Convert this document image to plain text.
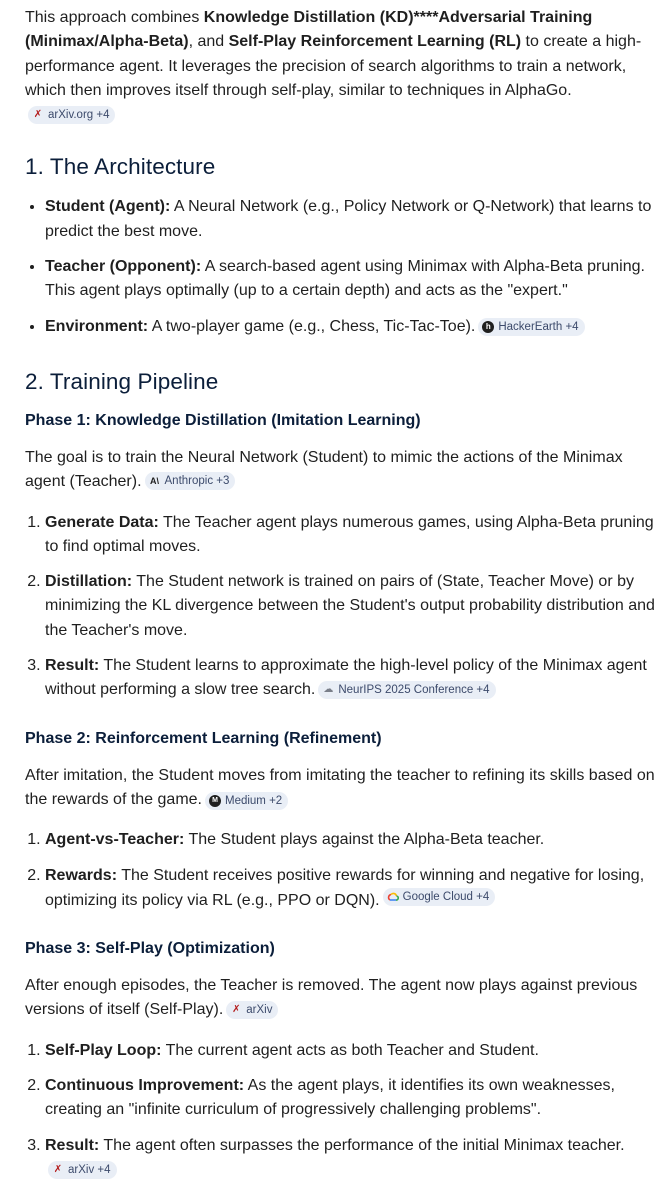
This approach combines Knowledge Distillation (KD)****Adversarial Training (Minimax/Alpha-Beta), and Self-Play Reinforcement Learning (RL) to create a high-performance agent. It leverages the precision of search algorithms to train a network, which then improves itself through self-play, similar to techniques in AlphaGo.
✗ arXiv.org +4

1. The Architecture
• Student (Agent): A Neural Network (e.g., Policy Network or Q-Network) that learns to predict the best move.
• Teacher (Opponent): A search-based agent using Minimax with Alpha-Beta pruning. This agent plays optimally (up to a certain depth) and acts as the "expert."
• Environment: A two-player game (e.g., Chess, Tic-Tac-Toe).	h HackerEarth +4
2. Training Pipeline
Phase 1: Knowledge Distillation (Imitation Learning)

The goal is to train the Neural Network (Student) to mimic the actions of the Minimax agent (Teacher). A\ Anthropic +3

1. Generate Data: The Teacher agent plays numerous games, using Alpha-Beta pruning to find optimal moves.
2. Distillation: The Student network is trained on pairs of (State, Teacher Move) or by minimizing the KL divergence between the Student's output probability distribution and the Teacher's move.
3. Result: The Student learns to approximate the high-level policy of the Minimax agent without performing a slow tree search. ☁ NeurIPS 2025 Conference +4
Phase 2: Reinforcement Learning (Refinement)

After imitation, the Student moves from imitating the teacher to refining its skills based on the rewards of the game.	M Medium +2

1. Agent-vs-Teacher: The Student plays against the Alpha-Beta teacher.
2. Rewards: The Student receives positive rewards for winning and negative for losing, optimizing its policy via RL (e.g., PPO or DQN). Google Cloud +4
Phase 3: Self-Play (Optimization)

After enough episodes, the Teacher is removed. The agent now plays against previous versions of itself (Self-Play). ✗ arXiv

1. Self-Play Loop: The current agent acts as both Teacher and Student.
2. Continuous Improvement: As the agent plays, it identifies its own weaknesses, creating an "infinite curriculum of progressively challenging problems".
3. Result: The agent often surpasses the performance of the initial Minimax teacher.
✗ arXiv +4
